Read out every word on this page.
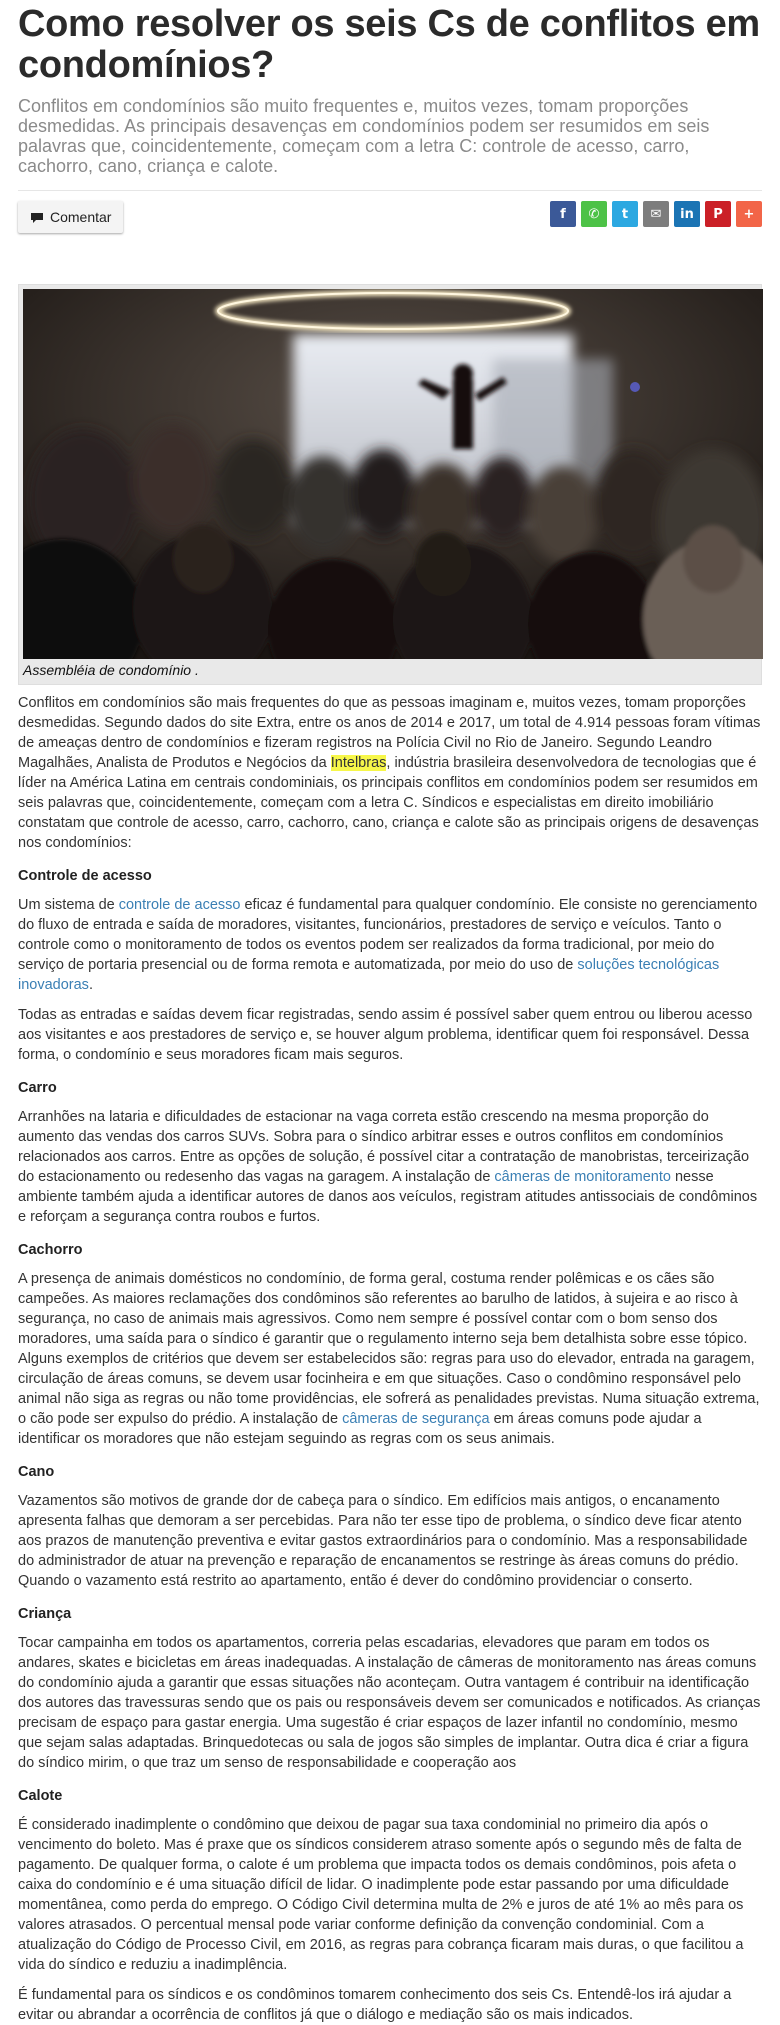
Como resolver os seis Cs de conflitos em condomínios?

Conflitos em condomínios são muito frequentes e, muitos vezes, tomam proporções desmedidas. As principais desavenças em condomínios podem ser resumidos em seis palavras que, coincidentemente, começam com a letra C: controle de acesso, carro, cachorro, cano, criança e calote.

Comentar	f ✆ t ✉ in P +
Assembléia de condomínio .

Conflitos em condomínios são mais frequentes do que as pessoas imaginam e, muitos vezes, tomam proporções desmedidas. Segundo dados do site Extra, entre os anos de 2014 e 2017, um total de 4.914 pessoas foram vítimas de ameaças dentro de condomínios e fizeram registros na Polícia Civil no Rio de Janeiro. Segundo Leandro Magalhães, Analista de Produtos e Negócios da Intelbras, indústria brasileira desenvolvedora de tecnologias que é líder na América Latina em centrais condominiais, os principais conflitos em condomínios podem ser resumidos em seis palavras que, coincidentemente, começam com a letra C. Síndicos e especialistas em direito imobiliário constatam que controle de acesso, carro, cachorro, cano, criança e calote são as principais origens de desavenças nos condomínios:

Controle de acesso

Um sistema de controle de acesso eficaz é fundamental para qualquer condomínio. Ele consiste no gerenciamento do fluxo de entrada e saída de moradores, visitantes, funcionários, prestadores de serviço e veículos. Tanto o controle como o monitoramento de todos os eventos podem ser realizados da forma tradicional, por meio do serviço de portaria presencial ou de forma remota e automatizada, por meio do uso de soluções tecnológicas inovadoras.

Todas as entradas e saídas devem ficar registradas, sendo assim é possível saber quem entrou ou liberou acesso aos visitantes e aos prestadores de serviço e, se houver algum problema, identificar quem foi responsável. Dessa forma, o condomínio e seus moradores ficam mais seguros.

Carro

Arranhões na lataria e dificuldades de estacionar na vaga correta estão crescendo na mesma proporção do aumento das vendas dos carros SUVs. Sobra para o síndico arbitrar esses e outros conflitos em condomínios relacionados aos carros. Entre as opções de solução, é possível citar a contratação de manobristas, terceirização do estacionamento ou redesenho das vagas na garagem. A instalação de câmeras de monitoramento nesse ambiente também ajuda a identificar autores de danos aos veículos, registram atitudes antissociais de condôminos e reforçam a segurança contra roubos e furtos.

Cachorro

A presença de animais domésticos no condomínio, de forma geral, costuma render polêmicas e os cães são campeões. As maiores reclamações dos condôminos são referentes ao barulho de latidos, à sujeira e ao risco à segurança, no caso de animais mais agressivos. Como nem sempre é possível contar com o bom senso dos moradores, uma saída para o síndico é garantir que o regulamento interno seja bem detalhista sobre esse tópico. Alguns exemplos de critérios que devem ser estabelecidos são: regras para uso do elevador, entrada na garagem, circulação de áreas comuns, se devem usar focinheira e em que situações. Caso o condômino responsável pelo animal não siga as regras ou não tome providências, ele sofrerá as penalidades previstas. Numa situação extrema, o cão pode ser expulso do prédio. A instalação de câmeras de segurança em áreas comuns pode ajudar a identificar os moradores que não estejam seguindo as regras com os seus animais.

Cano

Vazamentos são motivos de grande dor de cabeça para o síndico. Em edifícios mais antigos, o encanamento apresenta falhas que demoram a ser percebidas. Para não ter esse tipo de problema, o síndico deve ficar atento aos prazos de manutenção preventiva e evitar gastos extraordinários para o condomínio. Mas a responsabilidade do administrador de atuar na prevenção e reparação de encanamentos se restringe às áreas comuns do prédio. Quando o vazamento está restrito ao apartamento, então é dever do condômino providenciar o conserto.

Criança

Tocar campainha em todos os apartamentos, correria pelas escadarias, elevadores que param em todos os andares, skates e bicicletas em áreas inadequadas. A instalação de câmeras de monitoramento nas áreas comuns do condomínio ajuda a garantir que essas situações não aconteçam. Outra vantagem é contribuir na identificação dos autores das travessuras sendo que os pais ou responsáveis devem ser comunicados e notificados. As crianças precisam de espaço para gastar energia. Uma sugestão é criar espaços de lazer infantil no condomínio, mesmo que sejam salas adaptadas. Brinquedotecas ou sala de jogos são simples de implantar. Outra dica é criar a figura do síndico mirim, o que traz um senso de responsabilidade e cooperação aos

Calote

É considerado inadimplente o condômino que deixou de pagar sua taxa condominial no primeiro dia após o vencimento do boleto. Mas é praxe que os síndicos considerem atraso somente após o segundo mês de falta de pagamento. De qualquer forma, o calote é um problema que impacta todos os demais condôminos, pois afeta o caixa do condomínio e é uma situação difícil de lidar. O inadimplente pode estar passando por uma dificuldade momentânea, como perda do emprego. O Código Civil determina multa de 2% e juros de até 1% ao mês para os valores atrasados. O percentual mensal pode variar conforme definição da convenção condominial. Com a atualização do Código de Processo Civil, em 2016, as regras para cobrança ficaram mais duras, o que facilitou a vida do síndico e reduziu a inadimplência.

É fundamental para os síndicos e os condôminos tomarem conhecimento dos seis Cs. Entendê-los irá ajudar a evitar ou abrandar a ocorrência de conflitos já que o diálogo e mediação são os mais indicados.
